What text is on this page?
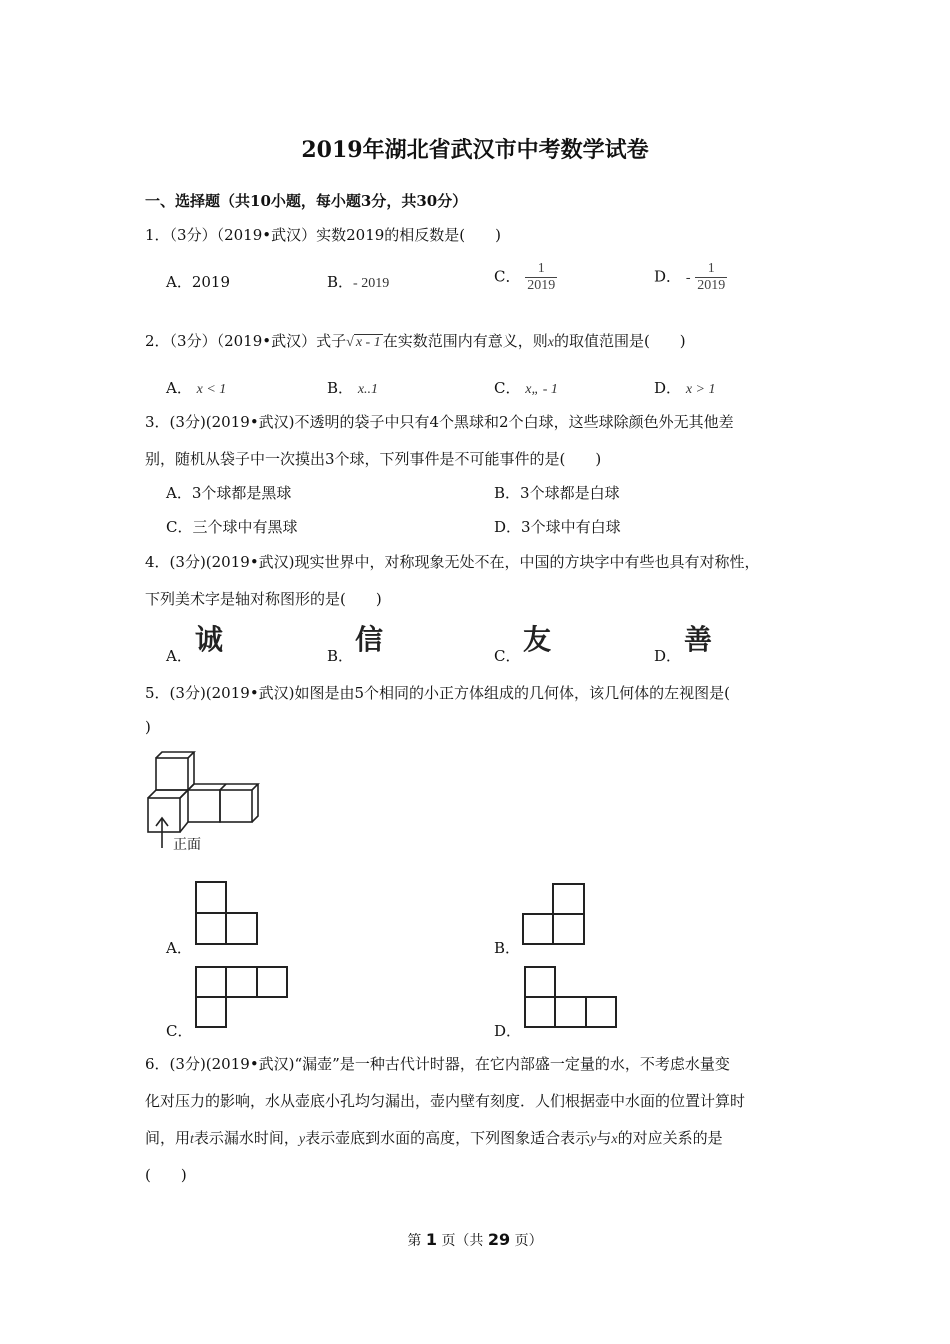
2019年湖北省武汉市中考数学试卷
一、选择题（共10小题，每小题3分，共30分）
1．（3分）（2019•武汉）实数2019的相反数是(　　)
A．2019	B．- 2019	C． $\frac{1}{2019}$	D． - $\frac{1}{2019}$
2．（3分）（2019•武汉）式子√ x - 1 在实数范围内有意义，则x的取值范围是(　　)
A． x < 1	B． x..1	C． x„ - 1	D． x > 1
3．(3分)(2019•武汉)不透明的袋子中只有4个黑球和2个白球，这些球除颜色外无其他差
别，随机从袋子中一次摸出3个球，下列事件是不可能事件的是(　　)
A．3个球都是黑球	B．3个球都是白球
C．三个球中有黑球	D．3个球中有白球
4．(3分)(2019•武汉)现实世界中，对称现象无处不在，中国的方块字中有些也具有对称性，
下列美术字是轴对称图形的是(　　)
A． 诚	B． 信	C． 友	D． 善
5．(3分)(2019•武汉)如图是由5个相同的小正方体组成的几何体，该几何体的左视图是(
)
正面
A．	B．
C．	D．
6．(3分)(2019•武汉)“漏壶”是一种古代计时器，在它内部盛一定量的水，不考虑水量变
化对压力的影响，水从壶底小孔均匀漏出，壶内壁有刻度．人们根据壶中水面的位置计算时
间，用t表示漏水时间，y表示壶底到水面的高度，下列图象适合表示y与x的对应关系的是
(　　)
第 1 页（共 29 页）
